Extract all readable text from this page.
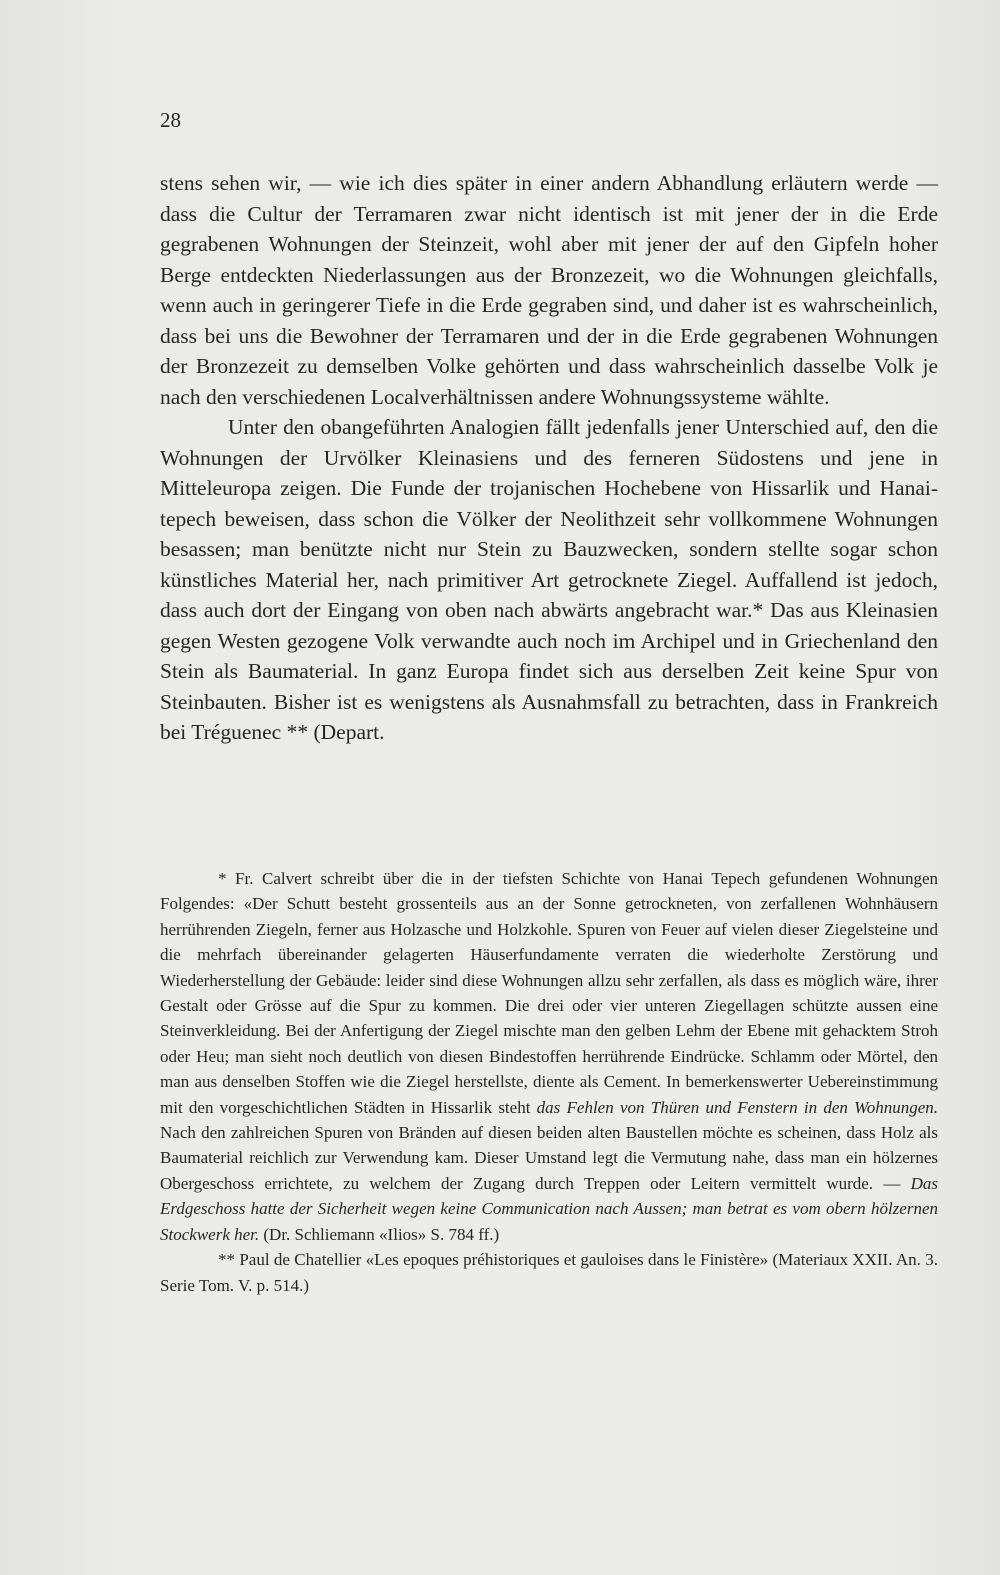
28

stens sehen wir, — wie ich dies später in einer andern Abhandlung erläutern werde — dass die Cultur der Terramaren zwar nicht identisch ist mit jener der in die Erde gegrabenen Wohnungen der Steinzeit, wohl aber mit jener der auf den Gipfeln hoher Berge entdeckten Niederlassungen aus der Bronzezeit, wo die Wohnungen gleichfalls, wenn auch in geringerer Tiefe in die Erde gegraben sind, und daher ist es wahrscheinlich, dass bei uns die Bewohner der Terramaren und der in die Erde gegrabenen Wohnungen der Bronzezeit zu demselben Volke gehörten und dass wahrscheinlich dasselbe Volk je nach den verschiedenen Localverhältnissen andere Wohnungssysteme wählte.

Unter den obangeführten Analogien fällt jedenfalls jener Unterschied auf, den die Wohnungen der Urvölker Kleinasiens und des ferneren Südostens und jene in Mitteleuropa zeigen. Die Funde der trojanischen Hochebene von Hissarlik und Hanai-tepech beweisen, dass schon die Völker der Neolithzeit sehr vollkommene Wohnungen besassen; man benützte nicht nur Stein zu Bauzwecken, sondern stellte sogar schon künstliches Material her, nach primitiver Art getrocknete Ziegel. Auffallend ist jedoch, dass auch dort der Eingang von oben nach abwärts angebracht war.* Das aus Kleinasien gegen Westen gezogene Volk verwandte auch noch im Archipel und in Griechenland den Stein als Baumaterial. In ganz Europa findet sich aus derselben Zeit keine Spur von Steinbauten. Bisher ist es wenigstens als Ausnahmsfall zu betrachten, dass in Frankreich bei Tréguenec ** (Depart.

* Fr. Calvert schreibt über die in der tiefsten Schichte von Hanai Tepech gefundenen Wohnungen Folgendes: «Der Schutt besteht grossenteils aus an der Sonne getrockneten, von zerfallenen Wohnhäusern herrührenden Ziegeln, ferner aus Holzasche und Holzkohle. Spuren von Feuer auf vielen dieser Ziegelsteine und die mehrfach übereinander gelagerten Häuserfundamente verraten die wiederholte Zerstörung und Wiederherstellung der Gebäude: leider sind diese Wohnungen allzu sehr zerfallen, als dass es möglich wäre, ihrer Gestalt oder Grösse auf die Spur zu kommen. Die drei oder vier unteren Ziegellagen schützte aussen eine Steinverkleidung. Bei der Anfertigung der Ziegel mischte man den gelben Lehm der Ebene mit gehacktem Stroh oder Heu; man sieht noch deutlich von diesen Bindestoffen herrührende Eindrücke. Schlamm oder Mörtel, den man aus denselben Stoffen wie die Ziegel herstellste, diente als Cement. In bemerkenswerter Uebereinstimmung mit den vorgeschichtlichen Städten in Hissarlik steht das Fehlen von Thüren und Fenstern in den Wohnungen. Nach den zahlreichen Spuren von Bränden auf diesen beiden alten Baustellen möchte es scheinen, dass Holz als Baumaterial reichlich zur Verwendung kam. Dieser Umstand legt die Vermutung nahe, dass man ein hölzernes Obergeschoss errichtete, zu welchem der Zugang durch Treppen oder Leitern vermittelt wurde. — Das Erdgeschoss hatte der Sicherheit wegen keine Communication nach Aussen; man betrat es vom obern hölzernen Stockwerk her. (Dr. Schliemann «Ilios» S. 784 ff.)

** Paul de Chatellier «Les epoques préhistoriques et gauloises dans le Finistère» (Materiaux XXII. An. 3. Serie Tom. V. p. 514.)
